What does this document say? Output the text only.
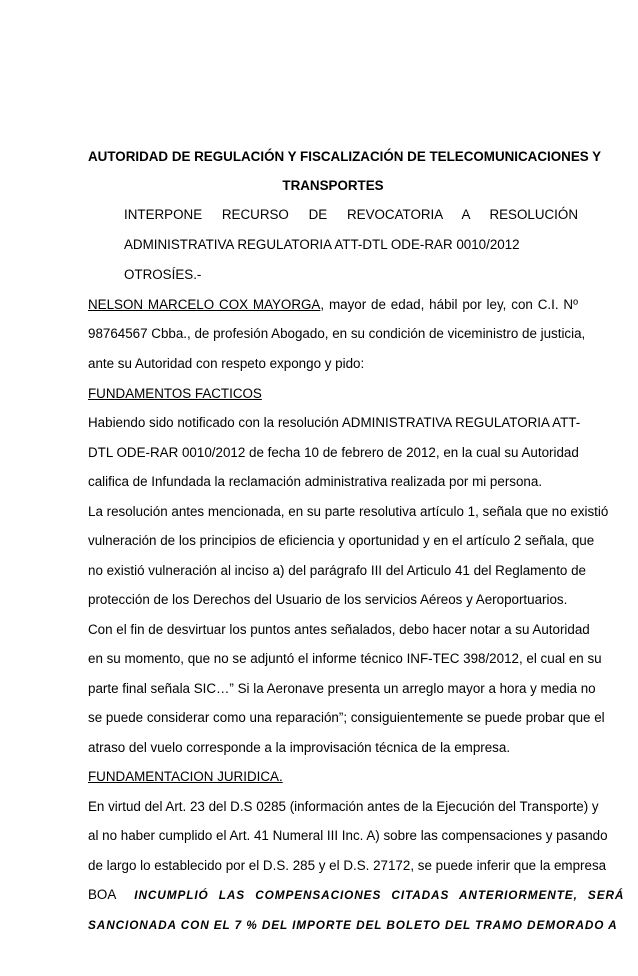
AUTORIDAD DE REGULACIÓN Y FISCALIZACIÓN DE TELECOMUNICACIONES Y
TRANSPORTES
INTERPONE RECURSO DE REVOCATORIA A RESOLUCIÓN
ADMINISTRATIVA REGULATORIA ATT-DTL ODE-RAR 0010/2012
OTROSÍES.-
NELSON MARCELO COX MAYORGA, mayor de edad, hábil por ley, con C.I. Nº
98764567 Cbba., de profesión Abogado, en su condición de viceministro de justicia,
ante su Autoridad con respeto expongo y pido:
FUNDAMENTOS FACTICOS
Habiendo sido notificado con la resolución ADMINISTRATIVA REGULATORIA ATT-
DTL ODE-RAR 0010/2012 de fecha 10 de febrero de 2012, en la cual su Autoridad
califica de Infundada la reclamación administrativa realizada por mi persona.
La resolución antes mencionada, en su parte resolutiva artículo 1, señala que no existió
vulneración de los principios de eficiencia y oportunidad y en el artículo 2 señala, que
no existió vulneración al inciso a) del parágrafo III del Articulo 41 del Reglamento de
protección de los Derechos del Usuario de los servicios Aéreos y Aeroportuarios.
Con el fin de desvirtuar los puntos antes señalados, debo hacer notar a su Autoridad
en su momento, que no se adjuntó el informe técnico INF-TEC 398/2012, el cual en su
parte final señala SIC…” Si la Aeronave presenta un arreglo mayor a hora y media no
se puede considerar como una reparación”; consiguientemente se puede probar que el
atraso del vuelo corresponde a la improvisación técnica de la empresa.
FUNDAMENTACION JURIDICA.
En virtud del Art. 23 del D.S 0285 (información antes de la Ejecución del Transporte) y
al no haber cumplido el Art. 41 Numeral III Inc. A) sobre las compensaciones y pasando
de largo lo establecido por el D.S. 285 y el D.S. 27172, se puede inferir que la empresa
BOA INCUMPLIÓ LAS COMPENSACIONES CITADAS ANTERIORMENTE, SERÁ
SANCIONADA CON EL 7 % DEL IMPORTE DEL BOLETO DEL TRAMO DEMORADO A
